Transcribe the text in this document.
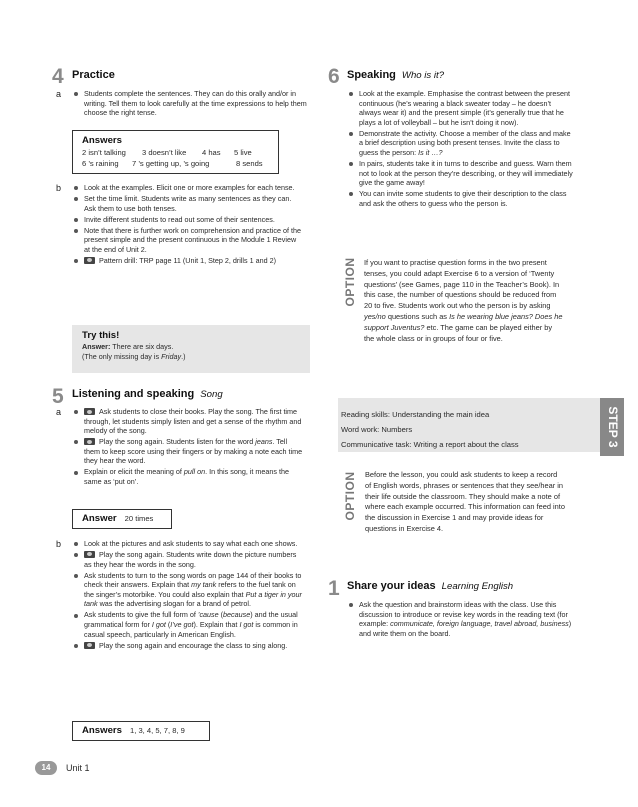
4 Practice
a	Students complete the sentences. They can do this orally and/or in writing. Tell them to look carefully at the time expressions to help them choose the right tense.
Answers
2 isn’t talking 3 doesn’t like 4 has 5 live
6 ’s raining 7 ’s getting up, ’s going	8 sends
b	Look at the examples. Elicit one or more examples for each tense.
Set the time limit. Students write as many sentences as they can. Ask them to use both tenses.
Invite different students to read out some of their sentences.
Note that there is further work on comprehension and practice of the present simple and the present continuous in the Module 1 Review at the end of Unit 2.
Pattern drill: TRP page 11 (Unit 1, Step 2, drills 1 and 2)
Try this!
Answer: There are six days.
(The only missing day is Friday.)
5 Listening and speaking Song
a	Ask students to close their books. Play the song. The first time through, let students simply listen and get a sense of the rhythm and melody of the song.
Play the song again. Students listen for the word jeans. Tell them to keep score using their fingers or by making a note each time they hear the word.
Explain or elicit the meaning of pull on. In this song, it means the same as ‘put on’.
Answer 20 times
b	Look at the pictures and ask students to say what each one shows.
Play the song again. Students write down the picture numbers as they hear the words in the song.
Ask students to turn to the song words on page 144 of their books to check their answers. Explain that my tank refers to the fuel tank on the singer’s motorbike. You could also explain that Put a tiger in your tank was the advertising slogan for a brand of petrol.
Ask students to give the full form of ’cause (because) and the usual grammatical form for I got (I’ve got). Explain that I got is common in casual speech, particularly in American English.
Play the song again and encourage the class to sing along.
Answers 1, 3, 4, 5, 7, 8, 9
14	Unit 1
6 Speaking Who is it?
Look at the example. Emphasise the contrast between the present continuous (he’s wearing a black sweater today – he doesn’t always wear it) and the present simple (it’s generally true that he plays a lot of volleyball – but he isn’t doing it now).
Demonstrate the activity. Choose a member of the class and make a brief description using both present tenses. Invite the class to guess the person: Is it …?
In pairs, students take it in turns to describe and guess. Warn them not to look at the person they’re describing, or they will immediately give the game away!
You can invite some students to give their description to the class and ask the others to guess who the person is.
OPTION If you want to practise question forms in the two present tenses, you could adapt Exercise 6 to a version of ‘Twenty questions’ (see Games, page 110 in the Teacher’s Book). In this case, the number of questions should be reduced from 20 to five. Students work out who the person is by asking yes/no questions such as Is he wearing blue jeans? Does he support Juventus? etc. The game can be played either by the whole class or in groups of four or five.
STEP 3
Reading skills: Understanding the main idea
Word work: Numbers
Communicative task: Writing a report about the class
OPTION Before the lesson, you could ask students to keep a record of English words, phrases or sentences that they see/hear in their life outside the classroom. They should make a note of where each example occurred. This information can feed into the discussion in Exercise 1 and may provide ideas for questions in Exercise 4.
1 Share your ideas Learning English
Ask the question and brainstorm ideas with the class. Use this discussion to introduce or revise key words in the reading text (for example: communicate, foreign language, travel abroad, business) and write them on the board.
